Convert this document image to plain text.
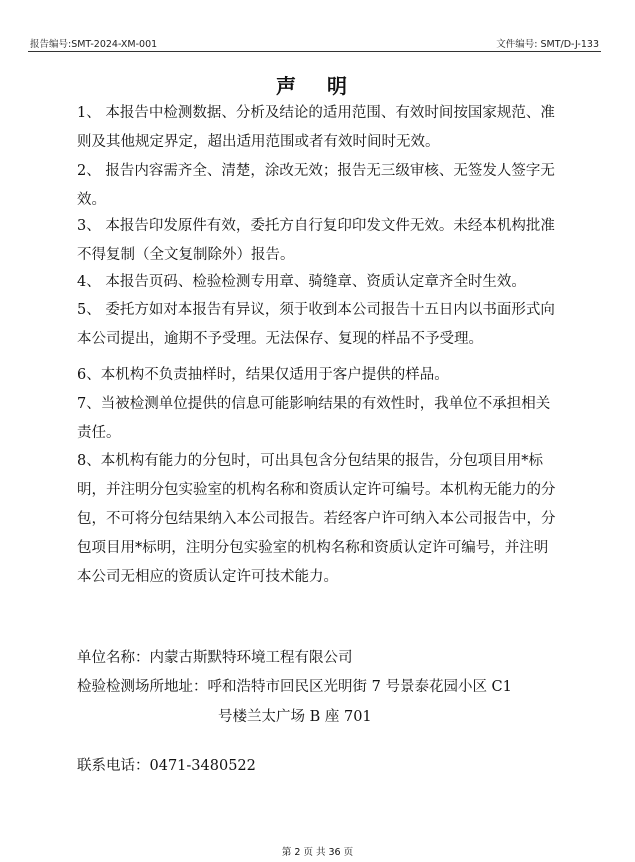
报告编号:SMT-2024-XM-001	文件编号: SMT/D-J-133
声 明

1、 本报告中检测数据、分析及结论的适用范围、有效时间按国家规范、准则及其他规定界定，超出适用范围或者有效时间时无效。

2、 报告内容需齐全、清楚，涂改无效；报告无三级审核、无签发人签字无效。

3、 本报告印发原件有效，委托方自行复印印发文件无效。未经本机构批准不得复制（全文复制除外）报告。

4、 本报告页码、检验检测专用章、骑缝章、资质认定章齐全时生效。

5、 委托方如对本报告有异议，须于收到本公司报告十五日内以书面形式向本公司提出，逾期不予受理。无法保存、复现的样品不予受理。

6、本机构不负责抽样时，结果仅适用于客户提供的样品。

7、当被检测单位提供的信息可能影响结果的有效性时，我单位不承担相关责任。

8、本机构有能力的分包时，可出具包含分包结果的报告，分包项目用*标明，并注明分包实验室的机构名称和资质认定许可编号。本机构无能力的分包，不可将分包结果纳入本公司报告。若经客户许可纳入本公司报告中，分包项目用*标明，注明分包实验室的机构名称和资质认定许可编号，并注明本公司无相应的资质认定许可技术能力。

单位名称：内蒙古斯默特环境工程有限公司
检验检测场所地址：呼和浩特市回民区光明街 7 号景泰花园小区 C1
号楼兰太广场 B 座 701
联系电话：0471-3480522
第 2 页 共 36 页
